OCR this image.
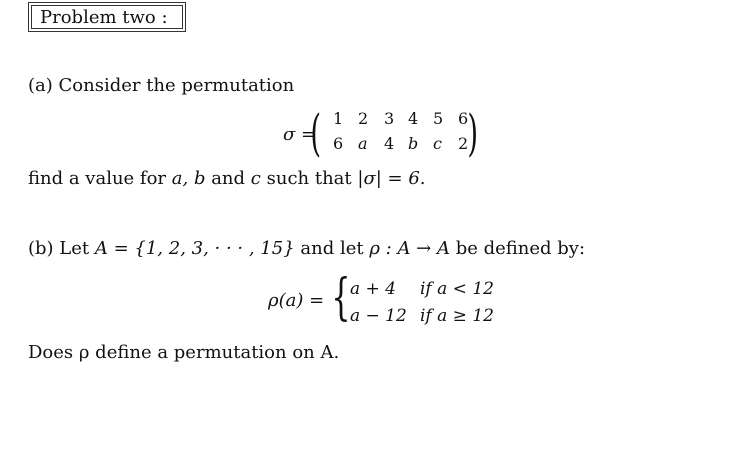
Problem two :
(a) Consider the permutation
σ =
(	)
1 2 3 4 5 6
6 a 4 b c 2
find a value for a, b and c such that |σ| = 6.
(b) Let A = {1, 2, 3, · · · , 15} and let ρ : A → A be defined by:
ρ(a) = { a + 4 if a < 12
a − 12 if a ≥ 12
Does ρ define a permutation on A.
